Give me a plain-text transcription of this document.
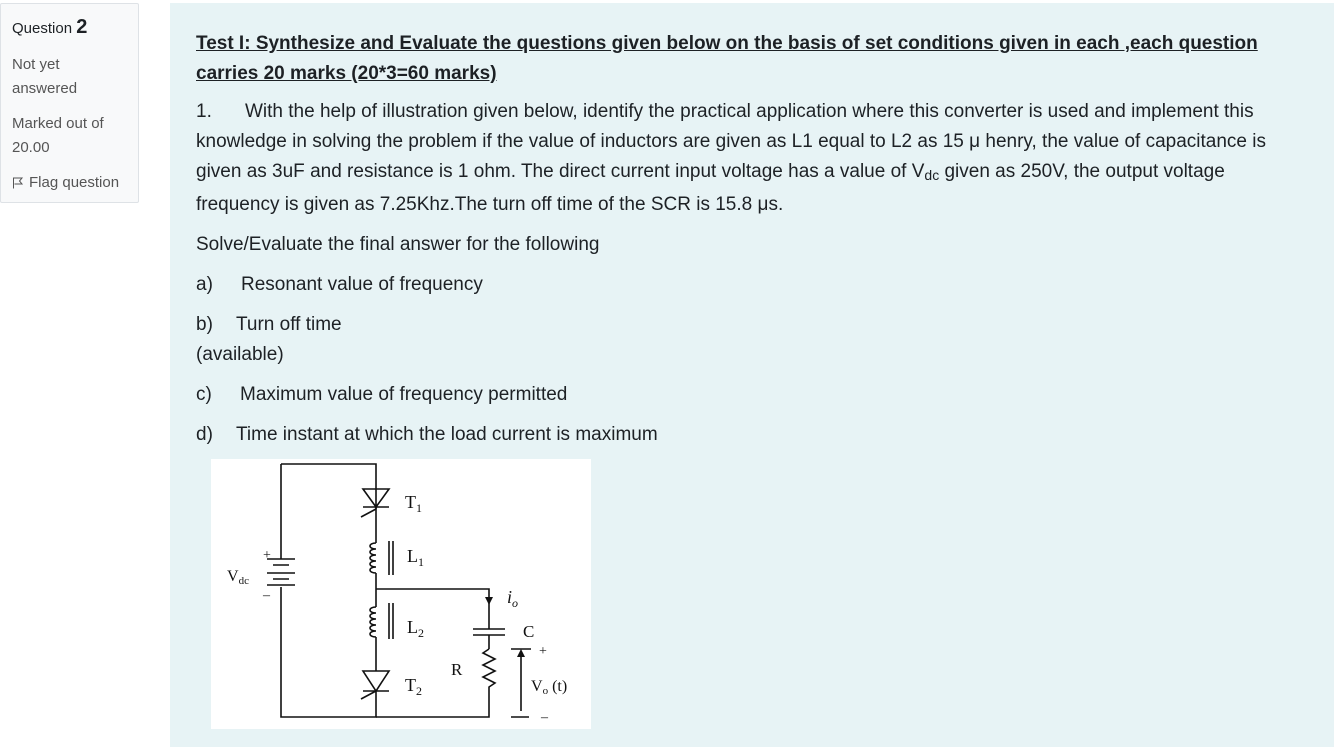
Question 2
Not yet answered
Marked out of
20.00
Flag question
Test I: Synthesize and Evaluate the questions given below on the basis of set conditions given in each ,each question carries 20 marks (20*3=60 marks)
1. With the help of illustration given below, identify the practical application where this converter is used and implement this knowledge in solving the problem if the value of inductors are given as L1 equal to L2 as 15 μ henry, the value of capacitance is given as 3uF and resistance is 1 ohm. The direct current input voltage has a value of $V_{dc}$ given as 250V, the output voltage frequency is given as 7.25Khz.The turn off time of the SCR is 15.8 μs.
Solve/Evaluate the final answer for the following
a) Resonant value of frequency
b) Turn off time
(available)
c) Maximum value of frequency permitted
d) Time instant at which the load current is maximum
$T_1$
$L_1$
$L_2$
$T_2$
Vdc
$i_o$
C
R
Vo (t)
+
–
+
–
